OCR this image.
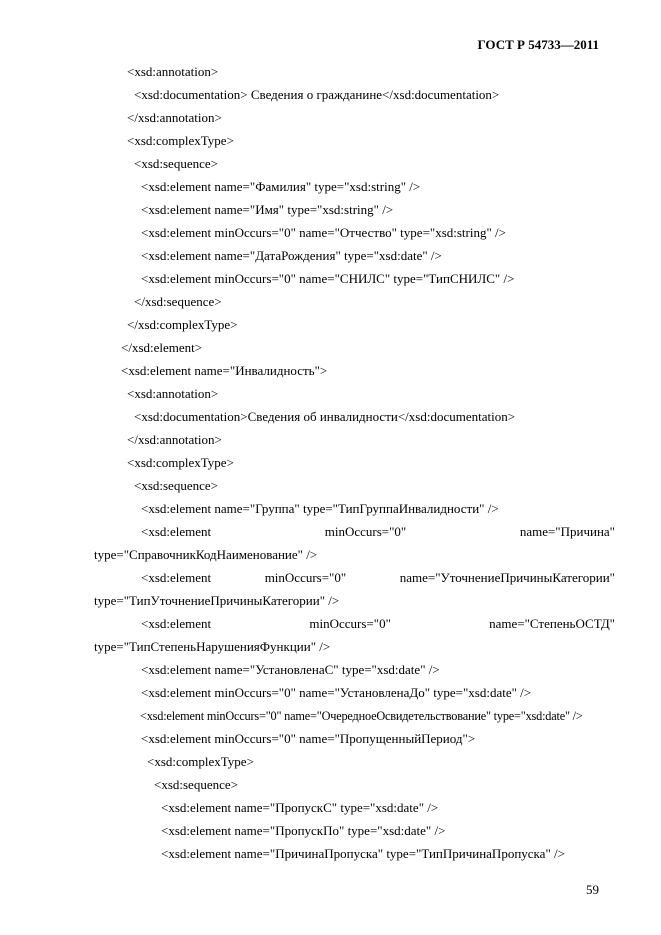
ГОСТ Р 54733—2011
<xsd:annotation>
<xsd:documentation> Сведения о гражданине</xsd:documentation>
</xsd:annotation>
<xsd:complexType>
<xsd:sequence>
<xsd:element name="Фамилия" type="xsd:string" />
<xsd:element name="Имя" type="xsd:string" />
<xsd:element minOccurs="0" name="Отчество" type="xsd:string" />
<xsd:element name="ДатаРождения" type="xsd:date" />
<xsd:element minOccurs="0" name="СНИЛС" type="ТипСНИЛС" />
</xsd:sequence>
</xsd:complexType>
</xsd:element>
<xsd:element name="Инвалидность">
<xsd:annotation>
<xsd:documentation>Сведения об инвалидности</xsd:documentation>
</xsd:annotation>
<xsd:complexType>
<xsd:sequence>
<xsd:element name="Группа" type="ТипГруппаИнвалидности" />
<xsd:element	minOccurs="0"	name="Причина"
type="СправочникКодНаименование" />
<xsd:element	minOccurs="0"	name="УточнениеПричиныКатегории"
type="ТипУточнениеПричиныКатегории" />
<xsd:element	minOccurs="0"	name="СтепеньОСТД"
type="ТипСтепеньНарушенияФункции" />
<xsd:element name="УстановленаС" type="xsd:date" />
<xsd:element minOccurs="0" name="УстановленаДо" type="xsd:date" />
<xsd:element minOccurs="0" name="ОчередноеОсвидетельствование" type="xsd:date" />
<xsd:element minOccurs="0" name="ПропущенныйПериод">
<xsd:complexType>
<xsd:sequence>
<xsd:element name="ПропускС" type="xsd:date" />
<xsd:element name="ПропускПо" type="xsd:date" />
<xsd:element name="ПричинаПропуска" type="ТипПричинаПропуска" />
59
